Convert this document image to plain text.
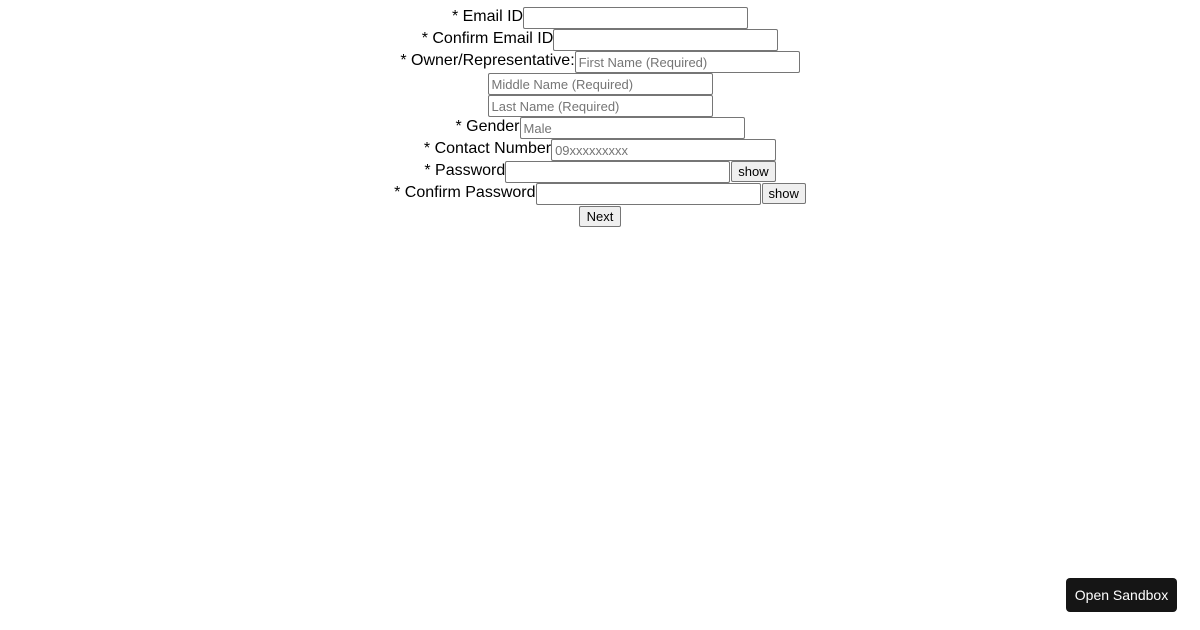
* Email ID
* Confirm Email ID
* Owner/Representative:
First Name (Required)
Middle Name (Required)
Last Name (Required)
* Gender
Male
* Contact Number
09xxxxxxxxx
* Password	show
* Confirm Password	show
Next
Open Sandbox
